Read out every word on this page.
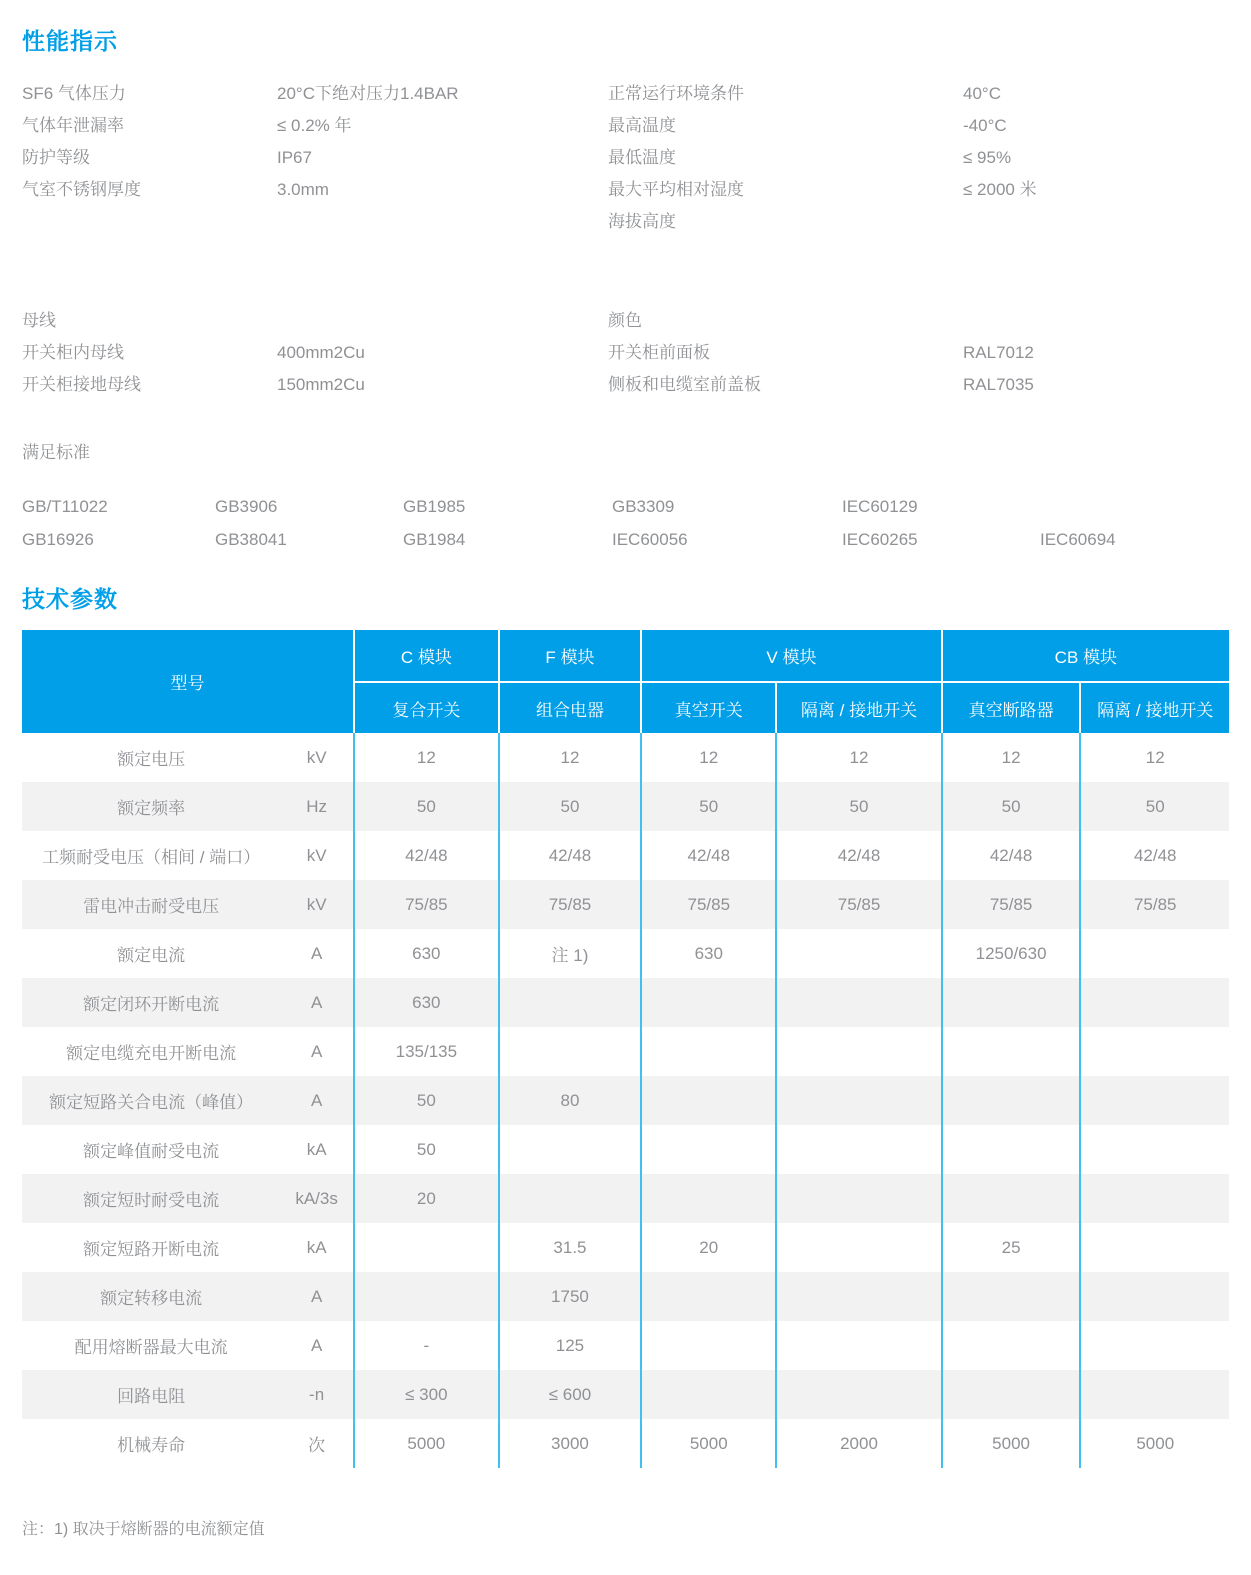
性能指示
SF6 气体压力	20°C下绝对压力1.4BAR
气体年泄漏率	≤ 0.2% 年
防护等级	IP67
气室不锈钢厚度	3.0mm
正常运行环境条件	40°C
最高温度	-40°C
最低温度	≤ 95%
最大平均相对湿度	≤ 2000 米
海拔高度
母线
开关柜内母线	400mm2Cu
开关柜接地母线	150mm2Cu
颜色
开关柜前面板	RAL7012
侧板和电缆室前盖板	RAL7035
满足标准
GB/T11022	GB3906	GB1985	GB3309	IEC60129
GB16926	GB38041	GB1984	IEC60056	IEC60265	IEC60694
技术参数
型号		C 模块	F 模块	V 模块		CB 模块	
		复合开关	组合电器	真空开关	隔离 / 接地开关	真空断路器	隔离 / 接地开关
额定电压	kV	12	12	12	12	12	12
额定频率	Hz	50	50	50	50	50	50
工频耐受电压（相间 / 端口）	kV	42/48	42/48	42/48	42/48	42/48	42/48
雷电冲击耐受电压	kV	75/85	75/85	75/85	75/85	75/85	75/85
额定电流	A	630	注 1)	630		1250/630	
额定闭环开断电流	A	630					
额定电缆充电开断电流	A	135/135					
额定短路关合电流（峰值）	A	50	80				
额定峰值耐受电流	kA	50					
额定短时耐受电流	kA/3s	20					
额定短路开断电流	kA		31.5	20		25	
额定转移电流	A		1750				
配用熔断器最大电流	A	-	125				
回路电阻	-n	≤ 300	≤ 600				
机械寿命	次	5000	3000	5000	2000	5000	5000
注：1) 取决于熔断器的电流额定值
